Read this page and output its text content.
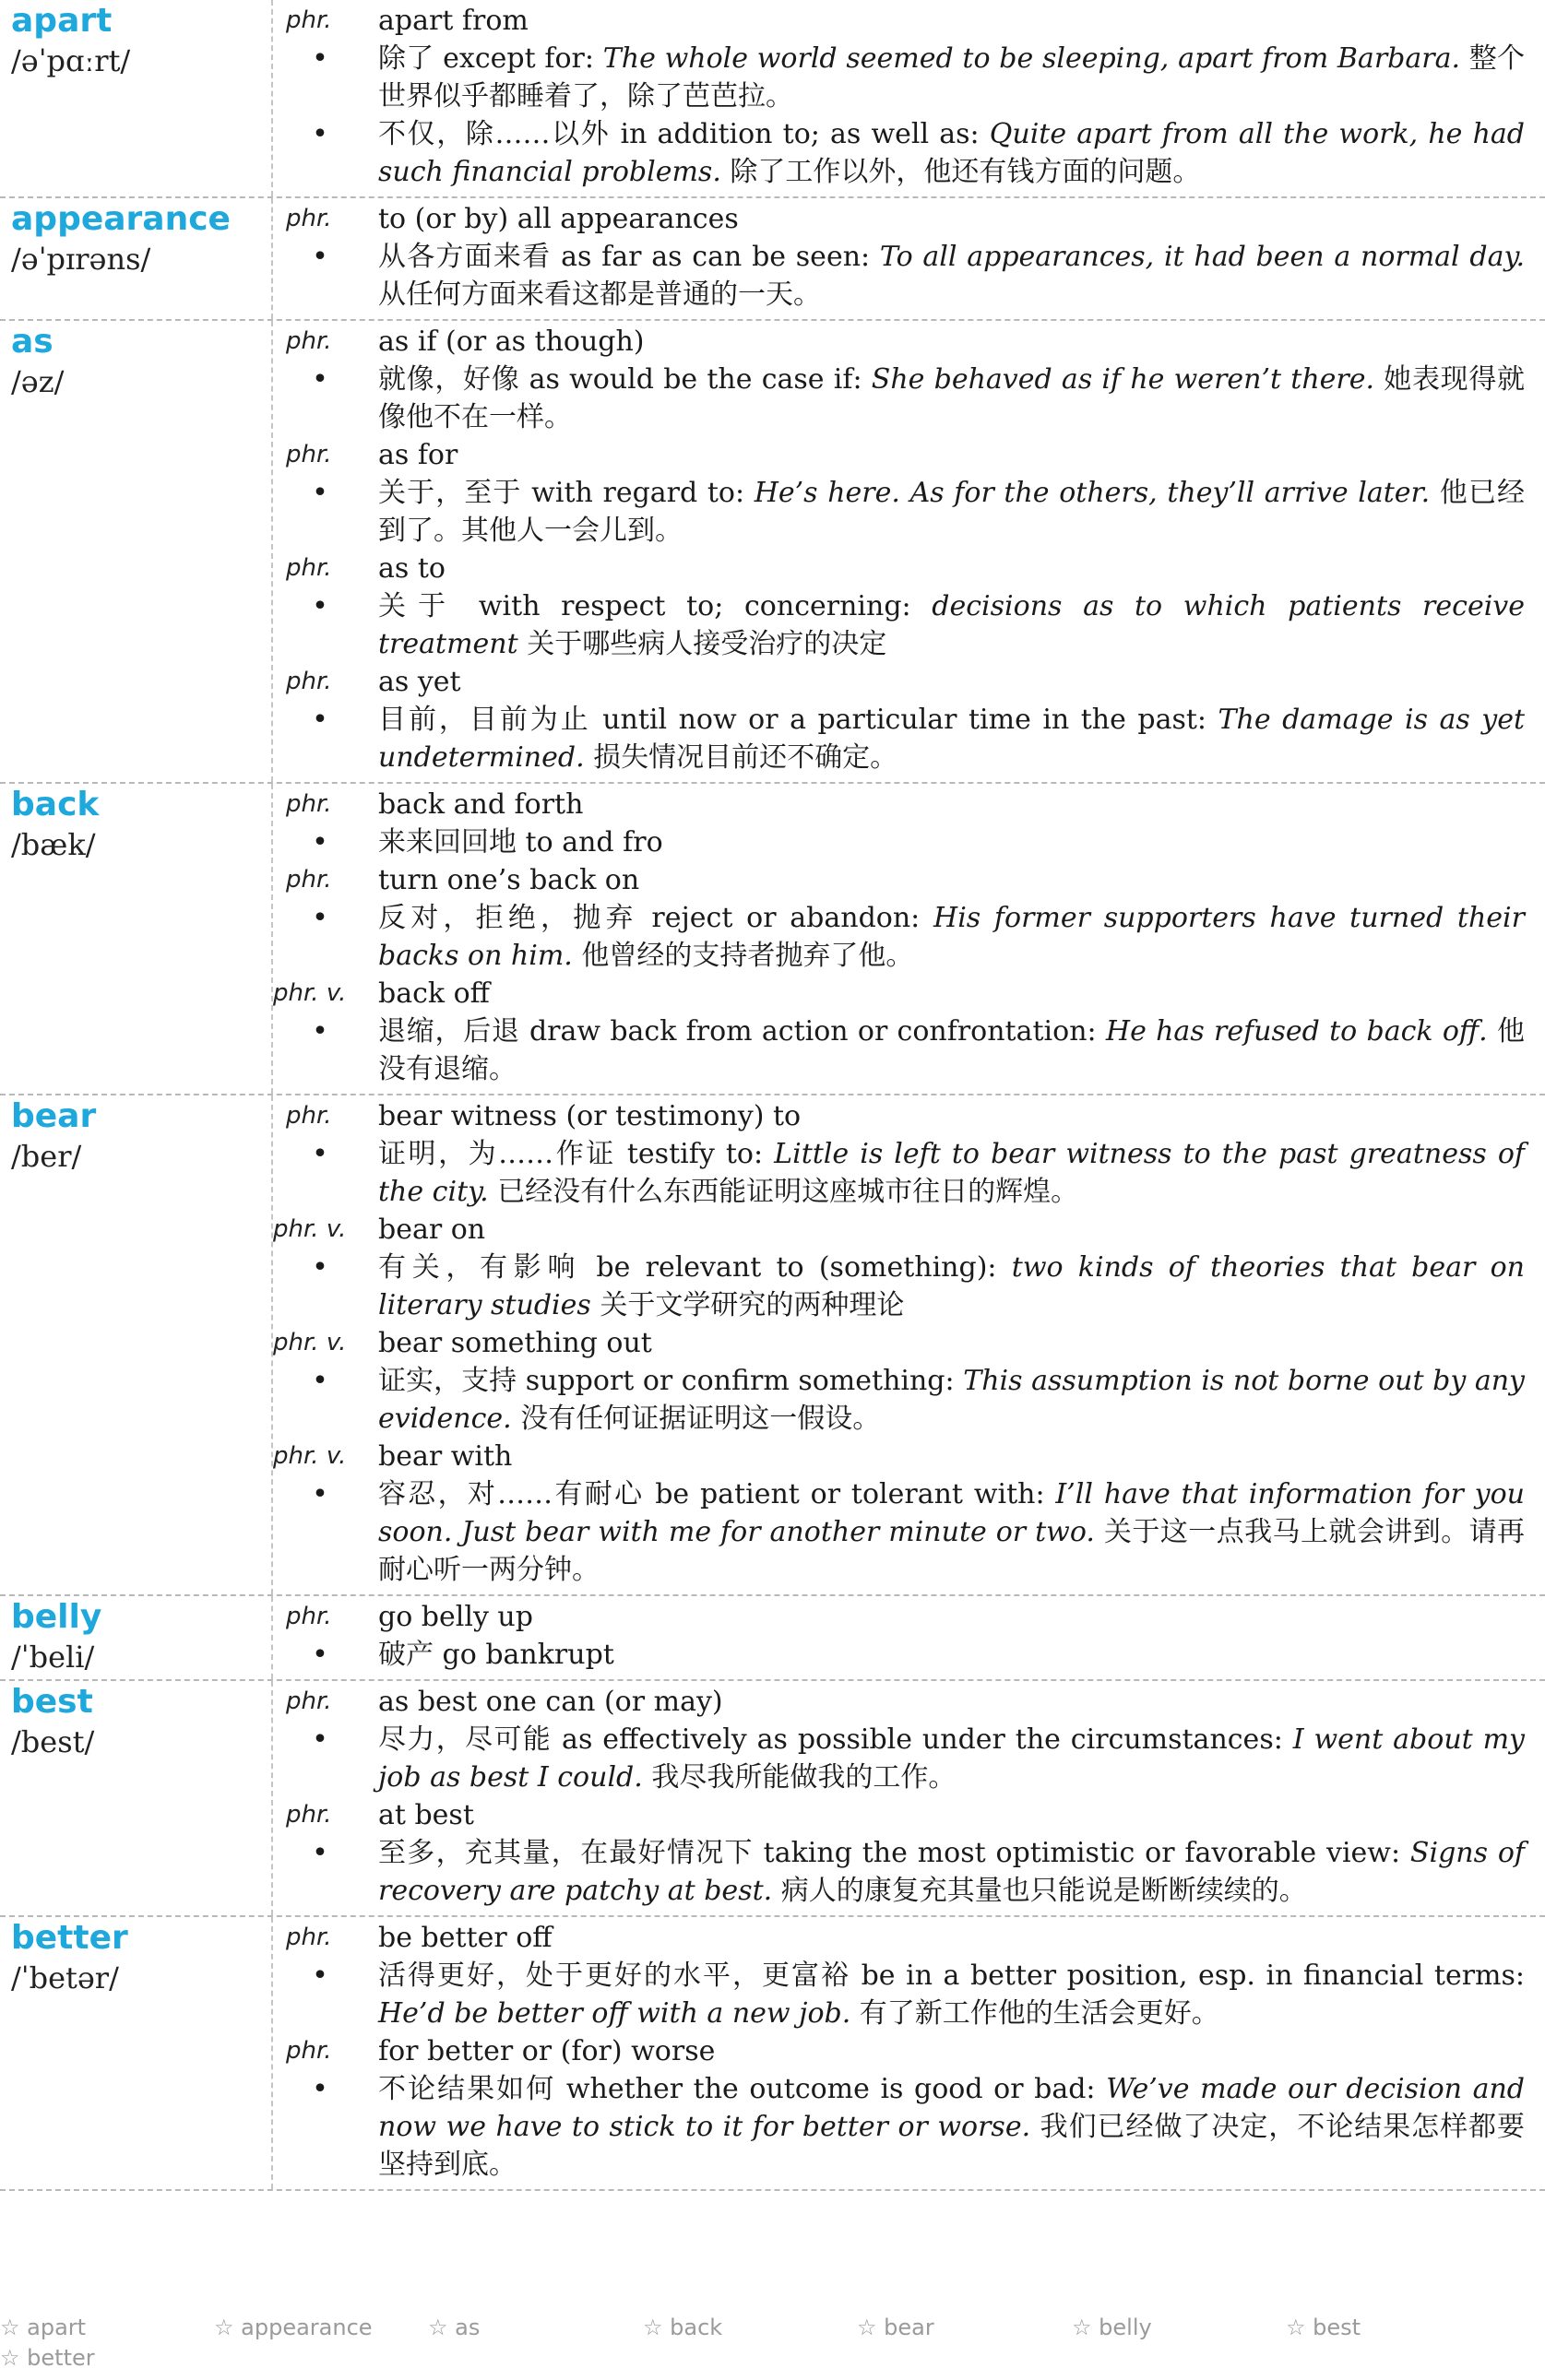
apart
/əˈpɑːrt/
phr.	apart from
•	除了 except for: The whole world seemed to be sleeping, apart from Barbara. 整个世界似乎都睡着了，除了芭芭拉。
•	不仅，除……以外 in addition to; as well as: Quite apart from all the work, he had such financial problems. 除了工作以外，他还有钱方面的问题。
appearance
/əˈpɪrəns/
phr.	to (or by) all appearances
•	从各方面来看 as far as can be seen: To all appearances, it had been a normal day. 从任何方面来看这都是普通的一天。
as
/əz/
phr.	as if (or as though)
•	就像，好像 as would be the case if: She behaved as if he weren’t there. 她表现得就像他不在一样。
phr.	as for
•	关于，至于 with regard to: He’s here. As for the others, they’ll arrive later. 他已经到了。其他人一会儿到。
phr.	as to
•	关于 with respect to; concerning: decisions as to which patients receive treatment 关于哪些病人接受治疗的决定
phr.	as yet
•	目前，目前为止 until now or a particular time in the past: The damage is as yet undetermined. 损失情况目前还不确定。
back
/bæk/
phr.	back and forth
•	来来回回地 to and fro
phr.	turn one’s back on
•	反对，拒绝，抛弃 reject or abandon: His former supporters have turned their backs on him. 他曾经的支持者抛弃了他。
phr. v.	back off
•	退缩，后退 draw back from action or confrontation: He has refused to back off. 他没有退缩。
bear
/ber/
phr.	bear witness (or testimony) to
•	证明，为……作证 testify to: Little is left to bear witness to the past greatness of the city. 已经没有什么东西能证明这座城市往日的辉煌。
phr. v.	bear on
•	有关，有影响 be relevant to (something): two kinds of theories that bear on literary studies 关于文学研究的两种理论
phr. v.	bear something out
•	证实，支持 support or confirm something: This assumption is not borne out by any evidence. 没有任何证据证明这一假设。
phr. v.	bear with
•	容忍，对……有耐心 be patient or tolerant with: I’ll have that information for you soon. Just bear with me for another minute or two. 关于这一点我马上就会讲到。请再耐心听一两分钟。
belly
/ˈbeli/
phr.	go belly up
•	破产 go bankrupt
best
/best/
phr.	as best one can (or may)
•	尽力，尽可能 as effectively as possible under the circumstances: I went about my job as best I could. 我尽我所能做我的工作。
phr.	at best
•	至多，充其量，在最好情况下 taking the most optimistic or favorable view: Signs of recovery are patchy at best. 病人的康复充其量也只能说是断断续续的。
better
/ˈbetər/
phr.	be better off
•	活得更好，处于更好的水平，更富裕 be in a better position, esp. in financial terms: He’d be better off with a new job. 有了新工作他的生活会更好。
phr.	for better or (for) worse
•	不论结果如何 whether the outcome is good or bad: We’ve made our decision and now we have to stick to it for better or worse. 我们已经做了决定，不论结果怎样都要坚持到底。
☆ apart	☆ appearance	☆ as	☆ back	☆ bear	☆ belly	☆ best
☆ better
